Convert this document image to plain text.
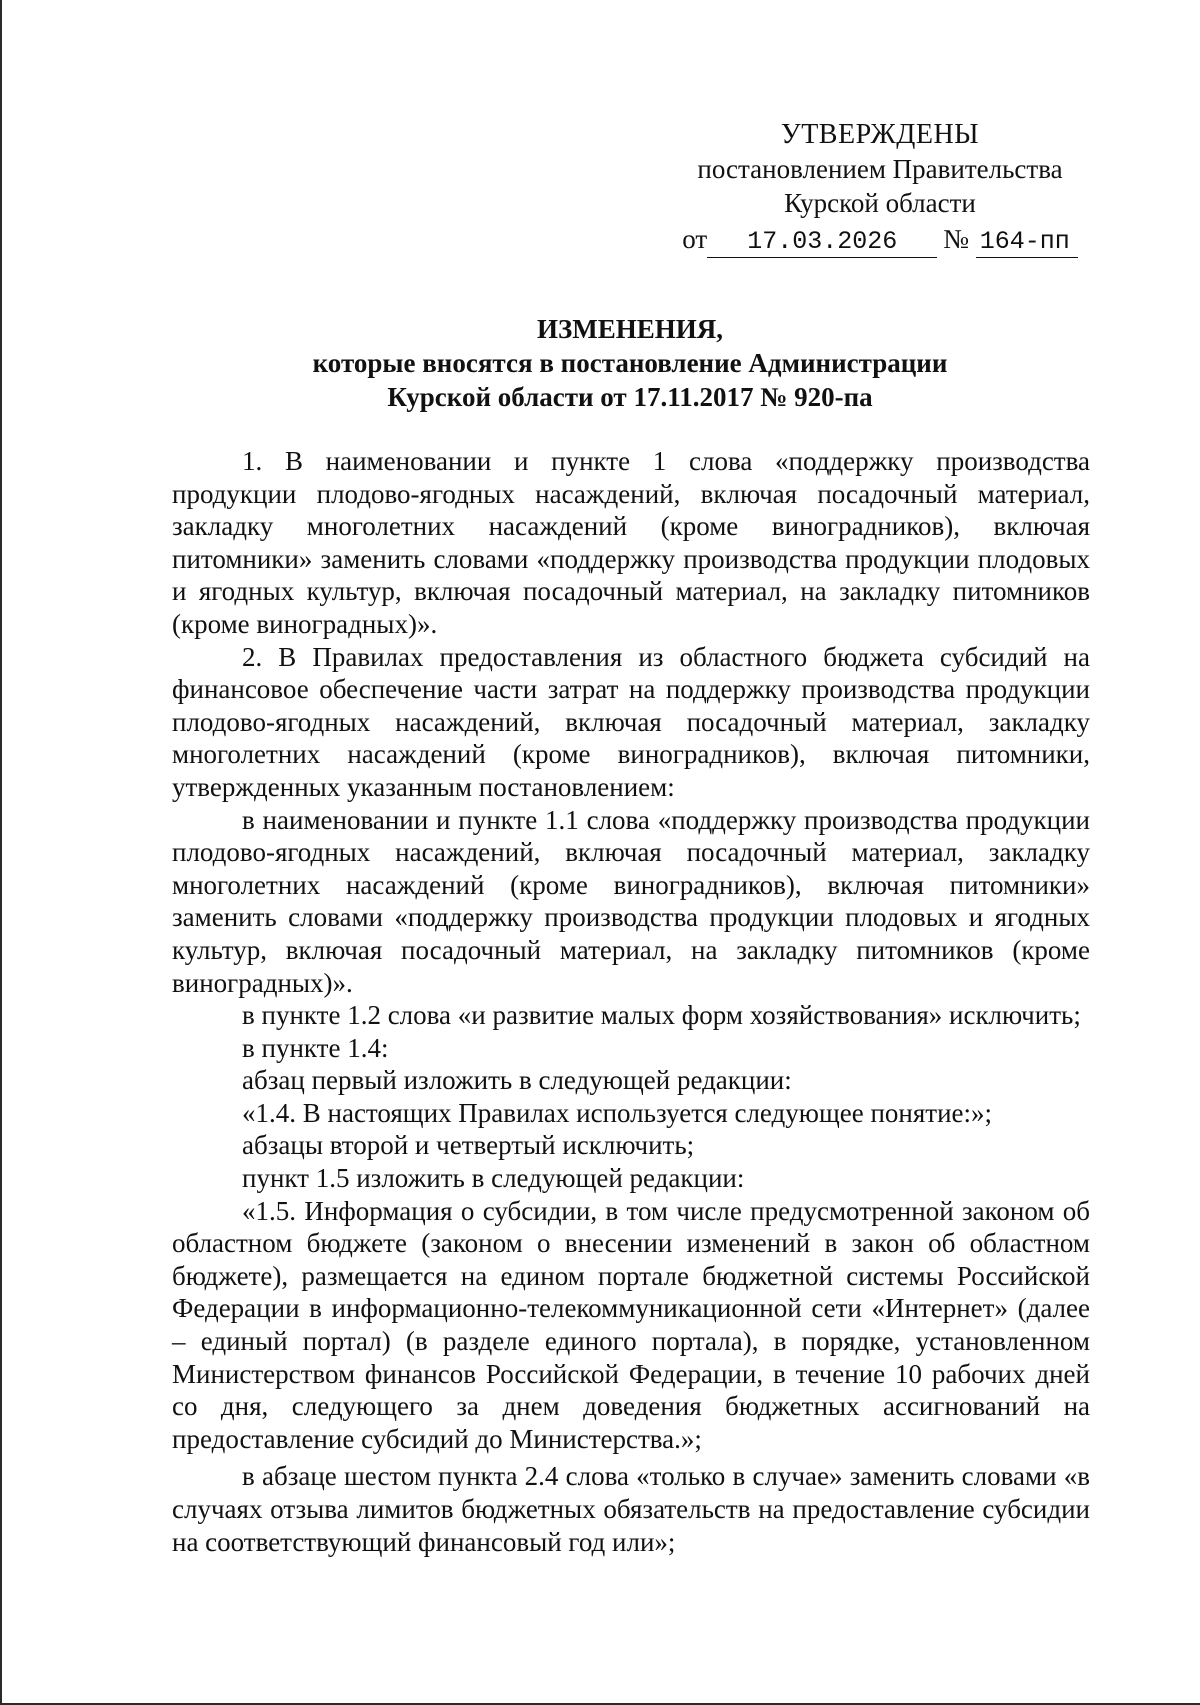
УТВЕРЖДЕНЫ
постановлением Правительства
Курской области
от 17.03.2026 № 164-пп
ИЗМЕНЕНИЯ,
которые вносятся в постановление Администрации
Курской области от 17.11.2017 № 920-па

1. В наименовании и пункте 1 слова «поддержку производства продукции плодово-ягодных насаждений, включая посадочный материал, закладку многолетних насаждений (кроме виноградников), включая питомники» заменить словами «поддержку производства продукции плодовых и ягодных культур, включая посадочный материал, на закладку питомников (кроме виноградных)».

2. В Правилах предоставления из областного бюджета субсидий на финансовое обеспечение части затрат на поддержку производства продукции плодово-ягодных насаждений, включая посадочный материал, закладку многолетних насаждений (кроме виноградников), включая питомники, утвержденных указанным постановлением:

в наименовании и пункте 1.1 слова «поддержку производства продукции плодово-ягодных насаждений, включая посадочный материал, закладку многолетних насаждений (кроме виноградников), включая питомники» заменить словами «поддержку производства продукции плодовых и ягодных культур, включая посадочный материал, на закладку питомников (кроме виноградных)».

в пункте 1.2 слова «и развитие малых форм хозяйствования» исключить;

в пункте 1.4:

абзац первый изложить в следующей редакции:

«1.4. В настоящих Правилах используется следующее понятие:»;

абзацы второй и четвертый исключить;

пункт 1.5 изложить в следующей редакции:

«1.5. Информация о субсидии, в том числе предусмотренной законом об областном бюджете (законом о внесении изменений в закон об областном бюджете), размещается на едином портале бюджетной системы Российской Федерации в информационно-телекоммуникационной сети «Интернет» (далее – единый портал) (в разделе единого портала), в порядке, установленном Министерством финансов Российской Федерации, в течение 10 рабочих дней со дня, следующего за днем доведения бюджетных ассигнований на предоставление субсидий до Министерства.»;

в абзаце шестом пункта 2.4 слова «только в случае» заменить словами «в случаях отзыва лимитов бюджетных обязательств на предоставление субсидии на соответствующий финансовый год или»;
